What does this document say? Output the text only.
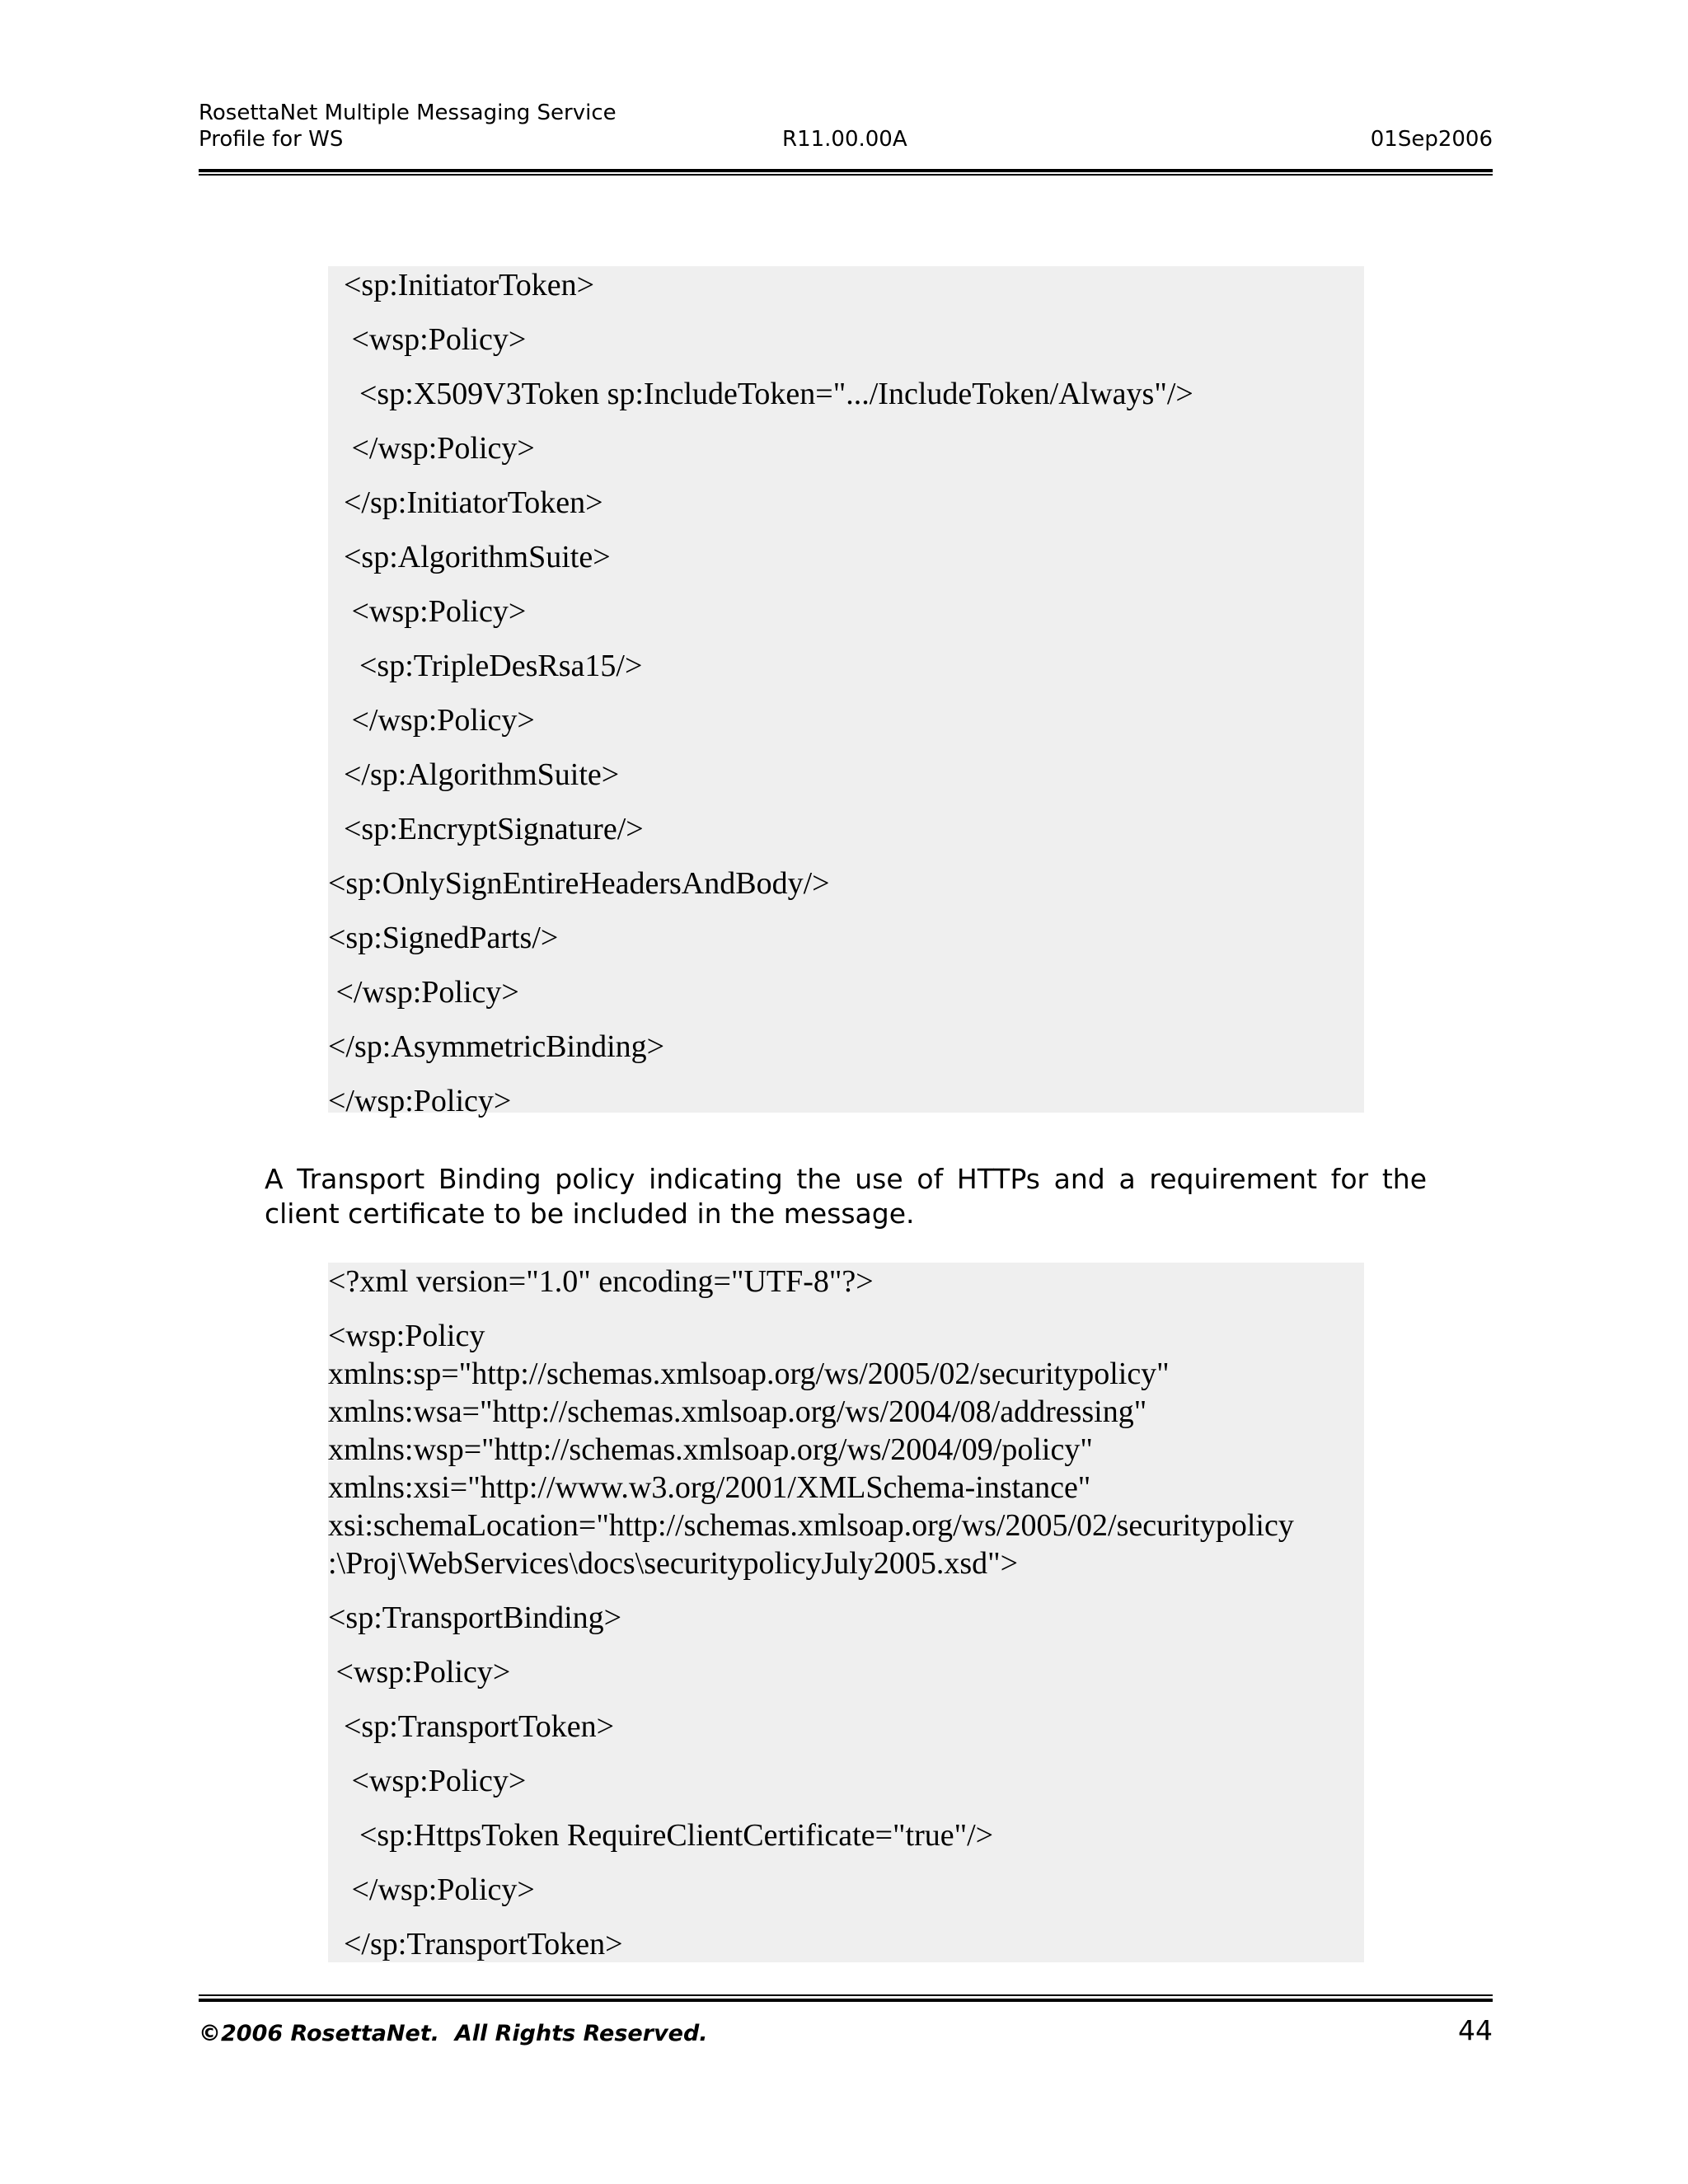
RosettaNet Multiple Messaging Service
Profile for WS	R11.00.00A	01Sep2006
<sp:InitiatorToken>
<wsp:Policy>
<sp:X509V3Token sp:IncludeToken=".../IncludeToken/Always"/>
</wsp:Policy>
</sp:InitiatorToken>
<sp:AlgorithmSuite>
<wsp:Policy>
<sp:TripleDesRsa15/>
</wsp:Policy>
</sp:AlgorithmSuite>
<sp:EncryptSignature/>
<sp:OnlySignEntireHeadersAndBody/>
<sp:SignedParts/>
</wsp:Policy>
</sp:AsymmetricBinding>
</wsp:Policy>
A Transport Binding policy indicating the use of HTTPs and a requirement for the client certificate to be included in the message.
<?xml version="1.0" encoding="UTF-8"?>
<wsp:Policy
xmlns:sp="http://schemas.xmlsoap.org/ws/2005/02/securitypolicy"
xmlns:wsa="http://schemas.xmlsoap.org/ws/2004/08/addressing"
xmlns:wsp="http://schemas.xmlsoap.org/ws/2004/09/policy"
xmlns:xsi="http://www.w3.org/2001/XMLSchema-instance"
xsi:schemaLocation="http://schemas.xmlsoap.org/ws/2005/02/securitypolicy
:\Proj\WebServices\docs\securitypolicyJuly2005.xsd">
<sp:TransportBinding>
<wsp:Policy>
<sp:TransportToken>
<wsp:Policy>
<sp:HttpsToken RequireClientCertificate="true"/>
</wsp:Policy>
</sp:TransportToken>
©2006 RosettaNet.  All Rights Reserved.	44
